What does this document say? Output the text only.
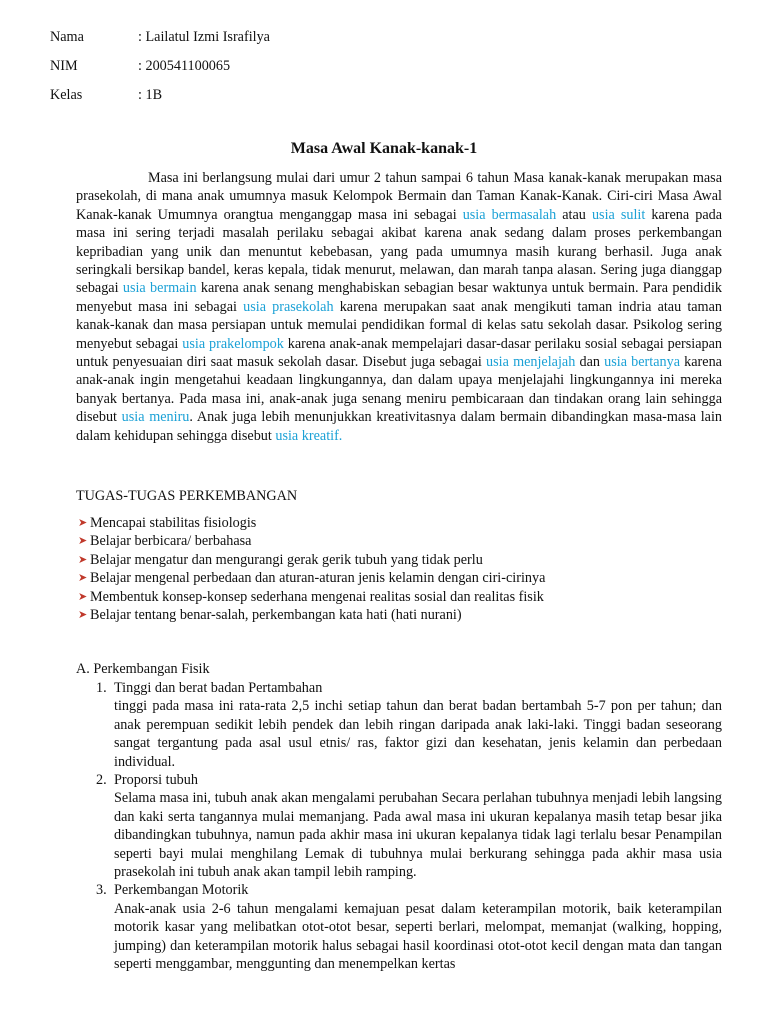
Nama	: Lailatul Izmi Israfilya
NIM	: 200541100065
Kelas	: 1B
Masa Awal Kanak-kanak-1

Masa ini berlangsung mulai dari umur 2 tahun sampai 6 tahun Masa kanak-kanak merupakan masa prasekolah, di mana anak umumnya masuk Kelompok Bermain dan Taman Kanak-Kanak. Ciri-ciri Masa Awal Kanak-kanak Umumnya orangtua menganggap masa ini sebagai usia bermasalah atau usia sulit karena pada masa ini sering terjadi masalah perilaku sebagai akibat karena anak sedang dalam proses perkembangan kepribadian yang unik dan menuntut kebebasan, yang pada umumnya masih kurang berhasil. Juga anak seringkali bersikap bandel, keras kepala, tidak menurut, melawan, dan marah tanpa alasan. Sering juga dianggap sebagai usia bermain karena anak senang menghabiskan sebagian besar waktunya untuk bermain. Para pendidik menyebut masa ini sebagai usia prasekolah karena merupakan saat anak mengikuti taman indria atau taman kanak-kanak dan masa persiapan untuk memulai pendidikan formal di kelas satu sekolah dasar. Psikolog sering menyebut sebagai usia prakelompok karena anak-anak mempelajari dasar-dasar perilaku sosial sebagai persiapan untuk penyesuaian diri saat masuk sekolah dasar. Disebut juga sebagai usia menjelajah dan usia bertanya karena anak-anak ingin mengetahui keadaan lingkungannya, dan dalam upaya menjelajahi lingkungannya ini mereka banyak bertanya. Pada masa ini, anak-anak juga senang meniru pembicaraan dan tindakan orang lain sehingga disebut usia meniru. Anak juga lebih menunjukkan kreativitasnya dalam bermain dibandingkan masa-masa lain dalam kehidupan sehingga disebut usia kreatif.

TUGAS-TUGAS PERKEMBANGAN
➤ Mencapai stabilitas fisiologis
➤ Belajar berbicara/ berbahasa
➤ Belajar mengatur dan mengurangi gerak gerik tubuh yang tidak perlu
➤ Belajar mengenal perbedaan dan aturan-aturan jenis kelamin dengan ciri-cirinya
➤ Membentuk konsep-konsep sederhana mengenai realitas sosial dan realitas fisik
➤ Belajar tentang benar-salah, perkembangan kata hati (hati nurani)
A. Perkembangan Fisik
1. Tinggi dan berat badan Pertambahan
tinggi pada masa ini rata-rata 2,5 inchi setiap tahun dan berat badan bertambah 5-7 pon per tahun; dan anak perempuan sedikit lebih pendek dan lebih ringan daripada anak laki-laki. Tinggi badan seseorang sangat tergantung pada asal usul etnis/ ras, faktor gizi dan kesehatan, jenis kelamin dan perbedaan individual.
2. Proporsi tubuh
Selama masa ini, tubuh anak akan mengalami perubahan Secara perlahan tubuhnya menjadi lebih langsing dan kaki serta tangannya mulai memanjang. Pada awal masa ini ukuran kepalanya masih tetap besar jika dibandingkan tubuhnya, namun pada akhir masa ini ukuran kepalanya tidak lagi terlalu besar Penampilan seperti bayi mulai menghilang Lemak di tubuhnya mulai berkurang sehingga pada akhir masa usia prasekolah ini tubuh anak akan tampil lebih ramping.
3. Perkembangan Motorik
Anak-anak usia 2-6 tahun mengalami kemajuan pesat dalam keterampilan motorik, baik keterampilan motorik kasar yang melibatkan otot-otot besar, seperti berlari, melompat, memanjat (walking, hopping, jumping) dan keterampilan motorik halus sebagai hasil koordinasi otot-otot kecil dengan mata dan tangan seperti menggambar, menggunting dan menempelkan kertas
